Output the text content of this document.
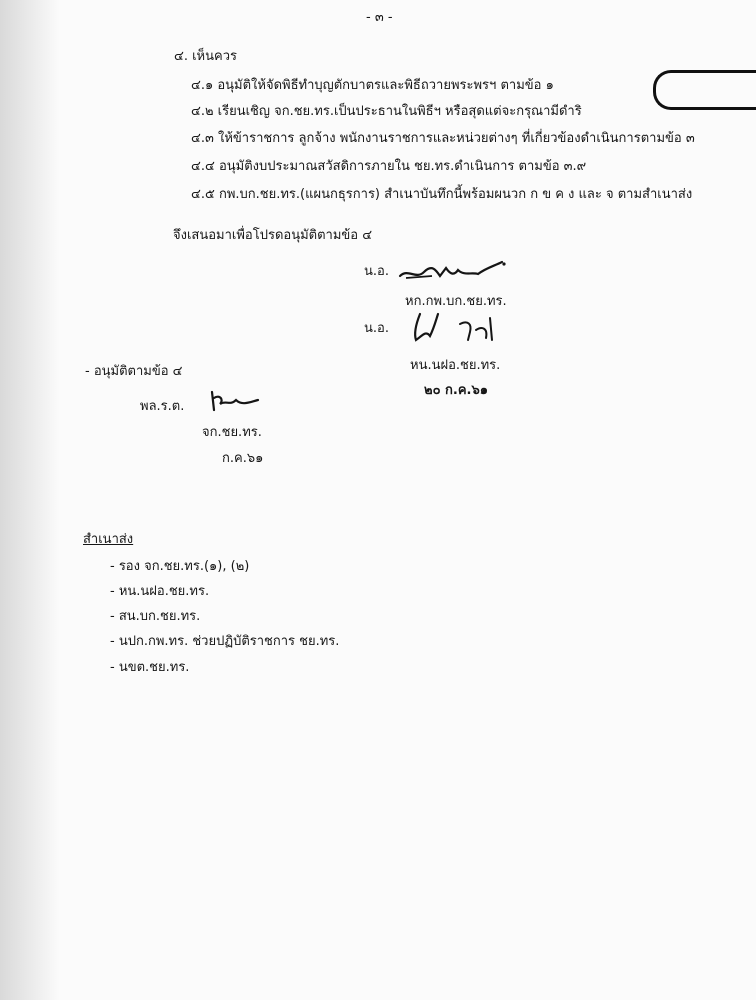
- ๓ -
๔. เห็นควร
๔.๑ อนุมัติให้จัดพิธีทำบุญตักบาตรและพิธีถวายพระพรฯ ตามข้อ ๑
๔.๒ เรียนเชิญ จก.ชย.ทร.เป็นประธานในพิธีฯ หรือสุดแต่จะกรุณามีดำริ
๔.๓ ให้ข้าราชการ ลูกจ้าง พนักงานราชการและหน่วยต่างๆ ที่เกี่ยวข้องดำเนินการตามข้อ ๓
๔.๔ อนุมัติงบประมาณสวัสดิการภายใน ชย.ทร.ดำเนินการ ตามข้อ ๓.๙
๔.๕ กพ.บก.ชย.ทร.(แผนกธุรการ) สำเนาบันทึกนี้พร้อมผนวก ก ข ค ง และ จ ตามสำเนาส่ง
จึงเสนอมาเพื่อโปรดอนุมัติตามข้อ ๔
น.อ.
หก.กพ.บก.ชย.ทร.
น.อ.
หน.นฝอ.ชย.ทร.
๒๐ ก.ค.๖๑
- อนุมัติตามข้อ ๔
พล.ร.ต.
จก.ชย.ทร.
ก.ค.๖๑
สำเนาส่ง
- รอง จก.ชย.ทร.(๑), (๒)
- หน.นฝอ.ชย.ทร.
- สน.บก.ชย.ทร.
- นปก.กพ.ทร. ช่วยปฏิบัติราชการ ชย.ทร.
- นขต.ชย.ทร.
